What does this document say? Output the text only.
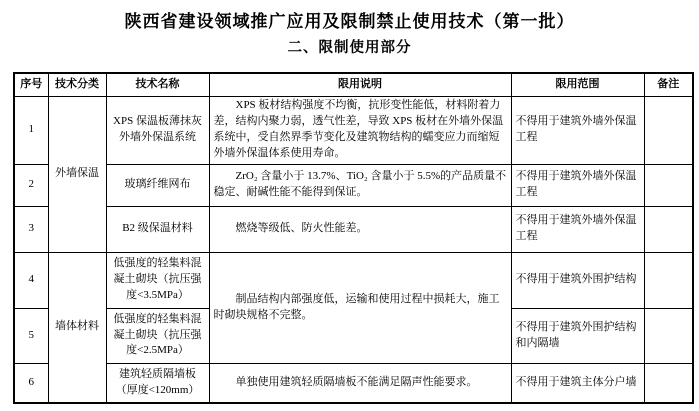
陕西省建设领域推广应用及限制禁止使用技术（第一批）
二、限制使用部分
序号	技术分类	技术名称	限用说明	限用范围	备注
1	外墙保温	XPS 保温板薄抹灰外墙外保温系统	XPS 板材结构强度不均衡，抗形变性能低，材料附着力差，结构内聚力弱，透气性差，导致 XPS 板材在外墙外保温系统中，受自然界季节变化及建筑物结构的蠕变应力而缩短外墙外保温体系使用寿命。	不得用于建筑外墙外保温工程	
2		玻璃纤维网布	ZrO₂ 含量小于 13.7%、TiO₂ 含量小于 5.5%的产品质量不稳定、耐碱性能不能得到保证。	不得用于建筑外墙外保温工程	
3		B2 级保温材料	燃烧等级低、防火性能差。	不得用于建筑外墙外保温工程	
4	墙体材料	低强度的轻集料混凝土砌块（抗压强度<3.5MPa）	制品结构内部强度低，运输和使用过程中损耗大，施工时砌块规格不完整。	不得用于建筑外围护结构	
5		低强度的轻集料混凝土砌块（抗压强度<2.5MPa）		不得用于建筑外围护结构和内隔墙	
6		建筑轻质隔墙板（厚度<120mm）	单独使用建筑轻质隔墙板不能满足隔声性能要求。	不得用于建筑主体分户墙	
